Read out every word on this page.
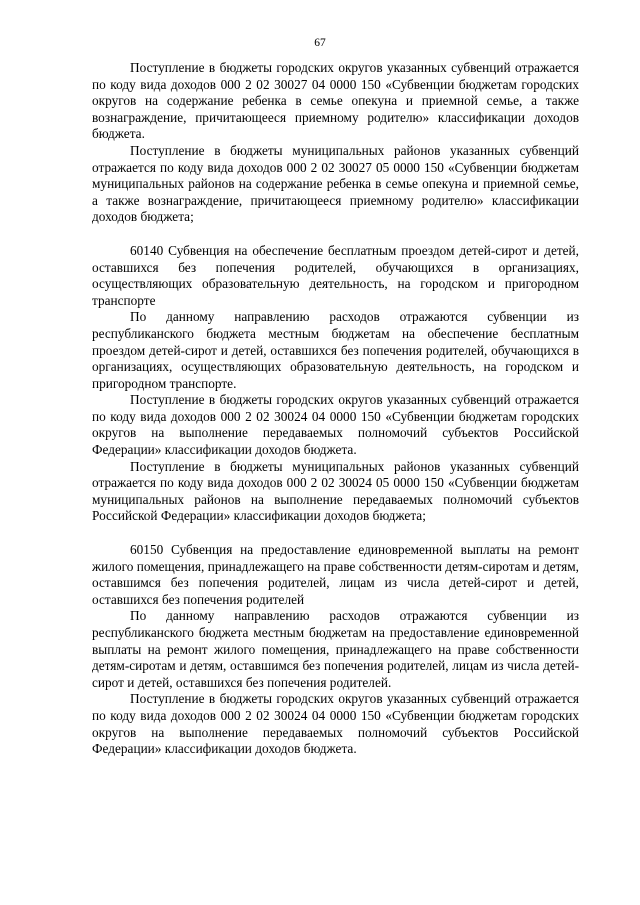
67

Поступление в бюджеты городских округов указанных субвенций отражается по коду вида доходов 000 2 02 30027 04 0000 150 «Субвенции бюджетам городских округов на содержание ребенка в семье опекуна и приемной семье, а также вознаграждение, причитающееся приемному родителю» классификации доходов бюджета.

Поступление в бюджеты муниципальных районов указанных субвенций отражается по коду вида доходов 000 2 02 30027 05 0000 150 «Субвенции бюджетам муниципальных районов на содержание ребенка в семье опекуна и приемной семье, а также вознаграждение, причитающееся приемному родителю» классификации доходов бюджета;

60140 Субвенция на обеспечение бесплатным проездом детей-сирот и детей, оставшихся без попечения родителей, обучающихся в организациях, осуществляющих образовательную деятельность, на городском и пригородном транспорте

По данному направлению расходов отражаются субвенции из республиканского бюджета местным бюджетам на обеспечение бесплатным проездом детей-сирот и детей, оставшихся без попечения родителей, обучающихся в организациях, осуществляющих образовательную деятельность, на городском и пригородном транспорте.

Поступление в бюджеты городских округов указанных субвенций отражается по коду вида доходов 000 2 02 30024 04 0000 150 «Субвенции бюджетам городских округов на выполнение передаваемых полномочий субъектов Российской Федерации» классификации доходов бюджета.

Поступление в бюджеты муниципальных районов указанных субвенций отражается по коду вида доходов 000 2 02 30024 05 0000 150 «Субвенции бюджетам муниципальных районов на выполнение передаваемых полномочий субъектов Российской Федерации» классификации доходов бюджета;

60150 Субвенция на предоставление единовременной выплаты на ремонт жилого помещения, принадлежащего на праве собственности детям-сиротам и детям, оставшимся без попечения родителей, лицам из числа детей-сирот и детей, оставшихся без попечения родителей

По данному направлению расходов отражаются субвенции из республиканского бюджета местным бюджетам на предоставление единовременной выплаты на ремонт жилого помещения, принадлежащего на праве собственности детям-сиротам и детям, оставшимся без попечения родителей, лицам из числа детей-сирот и детей, оставшихся без попечения родителей.

Поступление в бюджеты городских округов указанных субвенций отражается по коду вида доходов 000 2 02 30024 04 0000 150 «Субвенции бюджетам городских округов на выполнение передаваемых полномочий субъектов Российской Федерации» классификации доходов бюджета.
